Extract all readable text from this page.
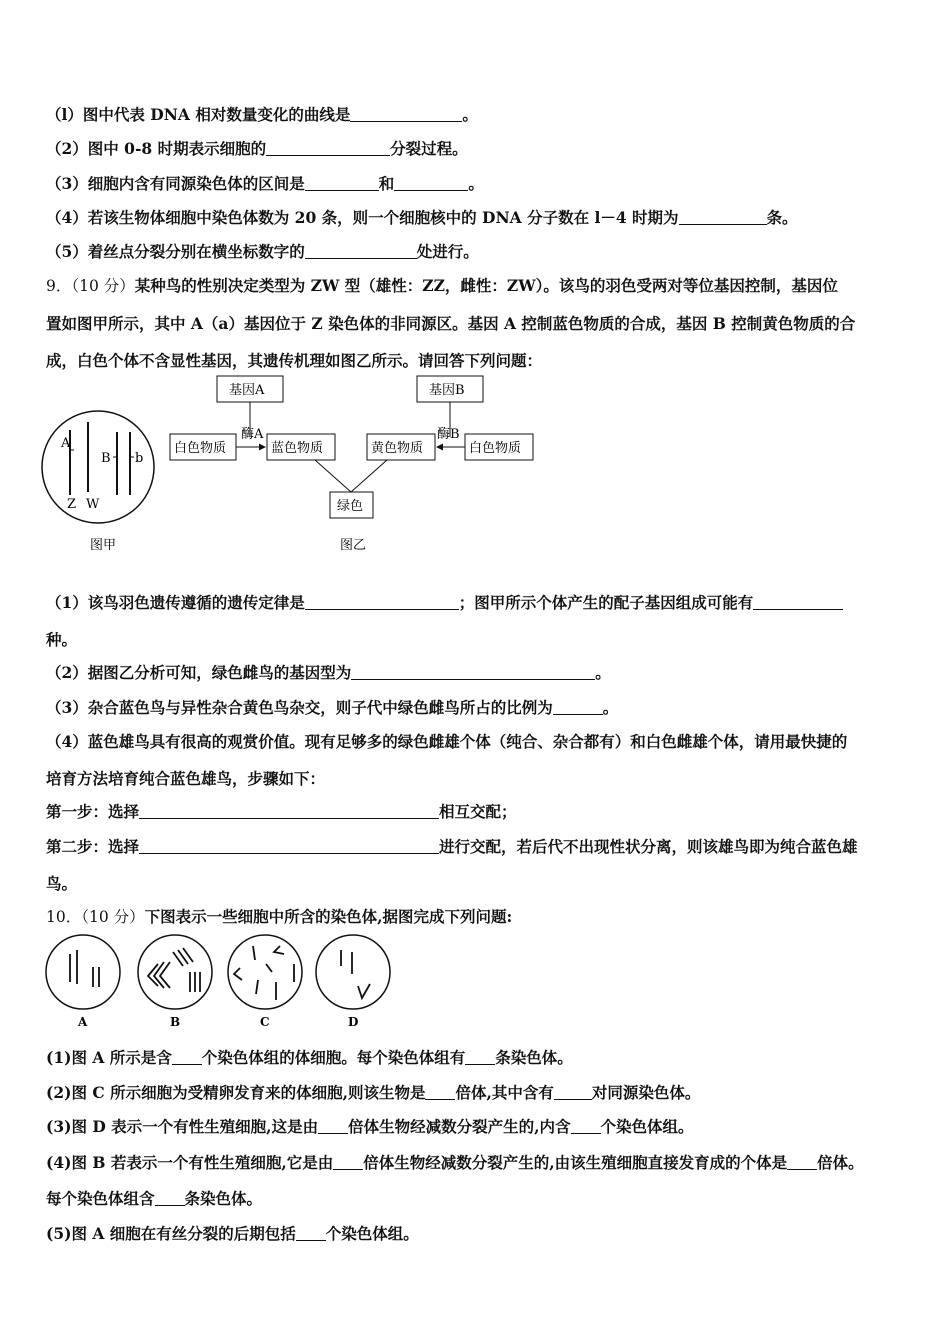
（l）图中代表 DNA 相对数量变化的曲线是	。
（2）图中 0-8 时期表示细胞的	分裂过程。
（3）细胞内含有同源染色体的区间是	和	。
（4）若该生物体细胞中染色体数为 20 条，则一个细胞核中的 DNA 分子数在 l－4 时期为	条。
（5）着丝点分裂分别在横坐标数字的	处进行。
9．（10 分）某种鸟的性别决定类型为 ZW 型（雄性：ZZ，雌性：ZW）。该鸟的羽色受两对等位基因控制，基因位
置如图甲所示，其中 A（a）基因位于 Z 染色体的非同源区。基因 A 控制蓝色物质的合成，基因 B 控制黄色物质的合
成，白色个体不含显性基因，其遗传机理如图乙所示。请回答下列问题：
A
B b
Z W
图甲
基因A
酶A
基因B
酶B
白色物质	蓝色物质	黄色物质	白色物质
绿色
图乙
（1）该鸟羽色遗传遵循的遗传定律是	；图甲所示个体产生的配子基因组成可能有
种。
（2）据图乙分析可知，绿色雌鸟的基因型为	。
（3）杂合蓝色鸟与异性杂合黄色鸟杂交，则子代中绿色雌鸟所占的比例为	。
（4）蓝色雄鸟具有很高的观赏价值。现有足够多的绿色雌雄个体（纯合、杂合都有）和白色雌雄个体，请用最快捷的
培育方法培育纯合蓝色雄鸟，步骤如下：
第一步：选择	相互交配；
第二步：选择	进行交配，若后代不出现性状分离，则该雄鸟即为纯合蓝色雄
鸟。
10．（10 分）下图表示一些细胞中所含的染色体,据图完成下列问题:
A	B	C	D
(1)图 A 所示是含 个染色体组的体细胞。每个染色体组有 条染色体。
(2)图 C 所示细胞为受精卵发育来的体细胞,则该生物是 倍体,其中含有 对同源染色体。
(3)图 D 表示一个有性生殖细胞,这是由 倍体生物经减数分裂产生的,内含 个染色体组。
(4)图 B 若表示一个有性生殖细胞,它是由 倍体生物经减数分裂产生的,由该生殖细胞直接发育成的个体是 倍体。
每个染色体组含 条染色体。
(5)图 A 细胞在有丝分裂的后期包括 个染色体组。
